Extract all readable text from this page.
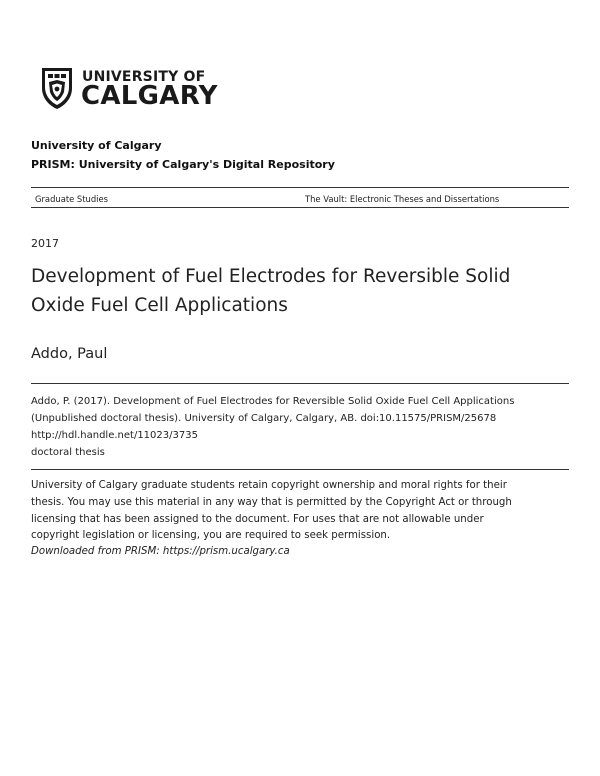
UNIVERSITY OF
CALGARY
University of Calgary
PRISM: University of Calgary's Digital Repository
Graduate Studies	The Vault: Electronic Theses and Dissertations
2017
Development of Fuel Electrodes for Reversible Solid
Oxide Fuel Cell Applications
Addo, Paul
Addo, P. (2017). Development of Fuel Electrodes for Reversible Solid Oxide Fuel Cell Applications
(Unpublished doctoral thesis). University of Calgary, Calgary, AB. doi:10.11575/PRISM/25678
http://hdl.handle.net/11023/3735
doctoral thesis
University of Calgary graduate students retain copyright ownership and moral rights for their
thesis. You may use this material in any way that is permitted by the Copyright Act or through
licensing that has been assigned to the document. For uses that are not allowable under
copyright legislation or licensing, you are required to seek permission.
Downloaded from PRISM: https://prism.ucalgary.ca
